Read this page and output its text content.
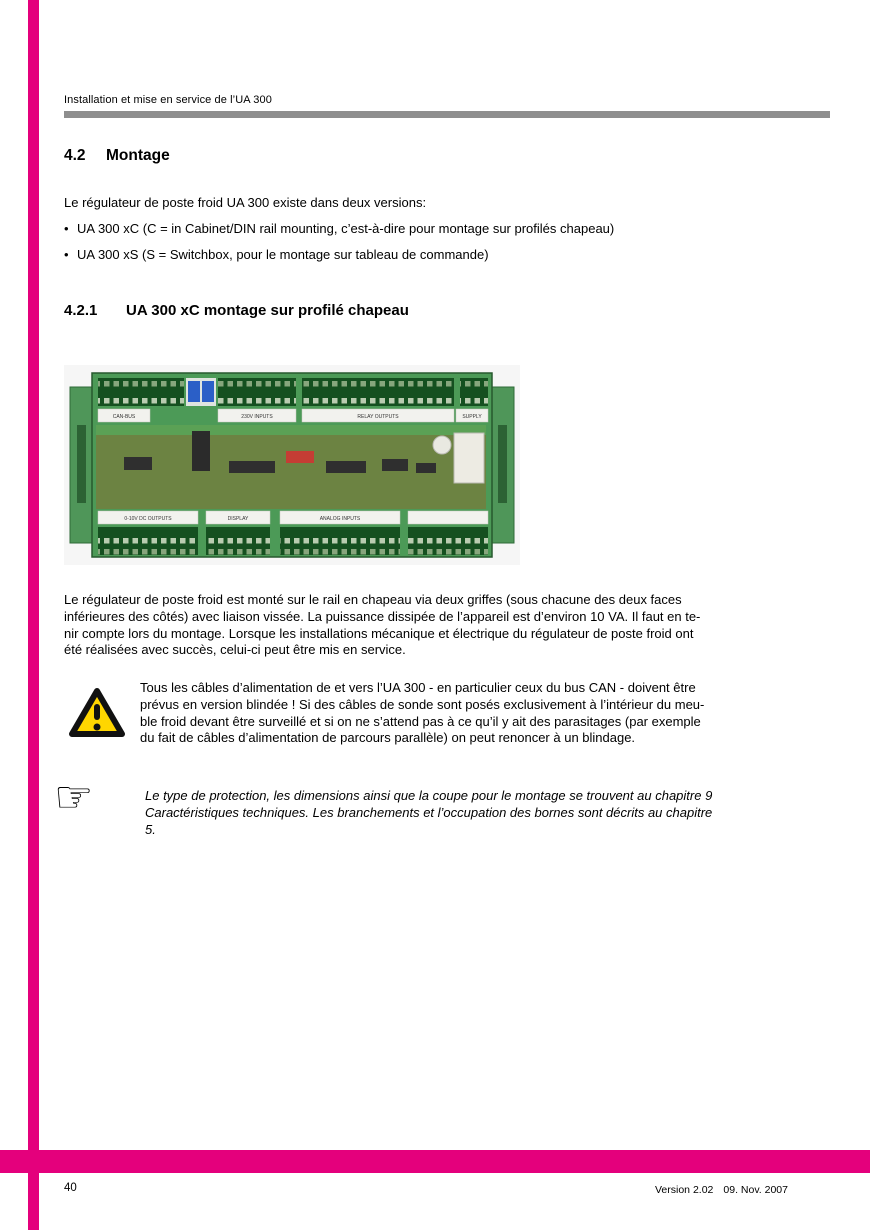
Installation et mise en service de l’UA 300
4.2 Montage
Le régulateur de poste froid UA 300 existe dans deux versions:
• UA 300 xC (C = in Cabinet/DIN rail mounting, c’est-à-dire pour montage sur profilés chapeau)
• UA 300 xS (S = Switchbox, pour le montage sur tableau de commande)
4.2.1 UA 300 xC montage sur profilé chapeau
CAN-BUS	230V INPUTS	RELAY OUTPUTS	SUPPLY
0-10V DC OUTPUTS	DISPLAY	ANALOG INPUTS
Le régulateur de poste froid est monté sur le rail en chapeau via deux griffes (sous chacune des deux faces
inférieures des côtés) avec liaison vissée. La puissance dissipée de l’appareil est d’environ 10 VA. Il faut en te-
nir compte lors du montage. Lorsque les installations mécanique et électrique du régulateur de poste froid ont
été réalisées avec succès, celui-ci peut être mis en service.
Tous les câbles d’alimentation de et vers l’UA 300 - en particulier ceux du bus CAN - doivent être
prévus en version blindée ! Si des câbles de sonde sont posés exclusivement à l’intérieur du meu-
ble froid devant être surveillé et si on ne s’attend pas à ce qu’il y ait des parasitages (par exemple
du fait de câbles d’alimentation de parcours parallèle) on peut renoncer à un blindage.
☞	Le type de protection, les dimensions ainsi que la coupe pour le montage se trouvent au chapitre 9
Caractéristiques techniques. Les branchements et l’occupation des bornes sont décrits au chapitre
5.
40	Version 2.02 09. Nov. 2007
